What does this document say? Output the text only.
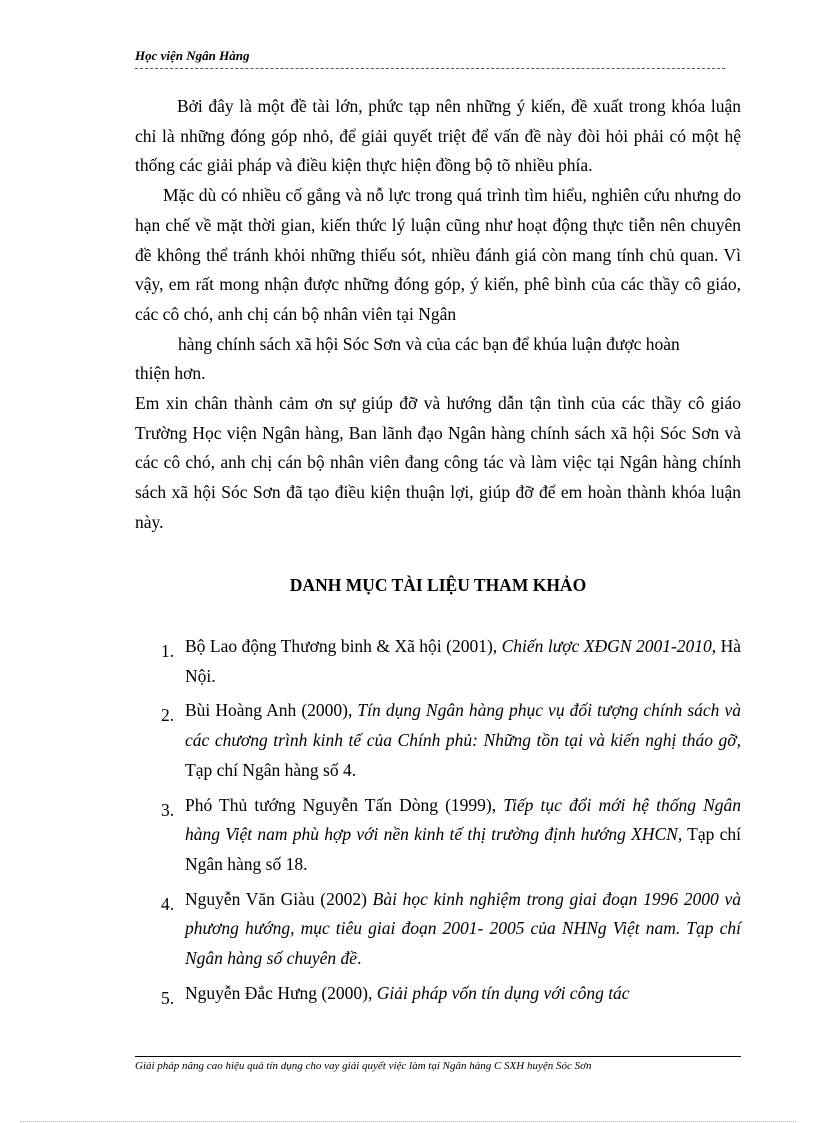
Học viện Ngân Hàng

Bởi đây là một đề tài lớn, phức tạp nên những ý kiến, đề xuất trong khóa luận chỉ là những đóng góp nhỏ, để giải quyết triệt để vấn đề này đòi hỏi phải có một hệ thống các giải pháp và điều kiện thực hiện đồng bộ tõ nhiều phía.

Mặc dù có nhiều cố gắng và nỗ lực trong quá trình tìm hiểu, nghiên cứu nhưng do hạn chế về mặt thời gian, kiến thức lý luận cũng như hoạt động thực tiễn nên chuyên đề không thể tránh khỏi những thiếu sót, nhiều đánh giá còn mang tính chủ quan. Vì vậy, em rất mong nhận được những đóng góp, ý kiến, phê bình của các thầy cô giáo, các cô chó, anh chị cán bộ nhân viên tại Ngân

hàng chính sách xã hội Sóc Sơn và của các bạn để khúa luận được hoàn

thiện hơn.

Em xin chân thành cảm ơn sự giúp đỡ và hướng dẫn tận tình của các thầy cô giáo Trường Học viện Ngân hàng, Ban lãnh đạo Ngân hàng chính sách xã hội Sóc Sơn và các cô chó, anh chị cán bộ nhân viên đang công tác và làm việc tại Ngân hàng chính sách xã hội Sóc Sơn đã tạo điều kiện thuận lợi, giúp đỡ để em hoàn thành khóa luận này.

DANH MỤC TÀI LIỆU THAM KHẢO
1. Bộ Lao động Thương binh & Xã hội (2001), Chiến lược XĐGN 2001-2010, Hà Nội.
2. Bùi Hoàng Anh (2000), Tín dụng Ngân hàng phục vụ đối tượng chính sách và các chương trình kinh tế của Chính phủ: Những tồn tại và kiến nghị tháo gỡ, Tạp chí Ngân hàng số 4.
3. Phó Thủ tướng Nguyễn Tấn Dòng (1999), Tiếp tục đổi mới hệ thống Ngân hàng Việt nam phù hợp với nền kinh tế thị trường định hướng XHCN, Tạp chí Ngân hàng số 18.
4. Nguyễn Văn Giàu (2002) Bài học kinh nghiệm trong giai đoạn 1996 2000 và phương hướng, mục tiêu giai đoạn 2001- 2005 của NHNg Việt nam. Tạp chí Ngân hàng số chuyên đề.
5. Nguyễn Đắc Hưng (2000), Giải pháp vốn tín dụng với công tác
Giải pháp nâng cao hiệu quả tín dụng cho vay giải quyết việc làm tại Ngân hàng C SXH huyện Sóc Sơn
